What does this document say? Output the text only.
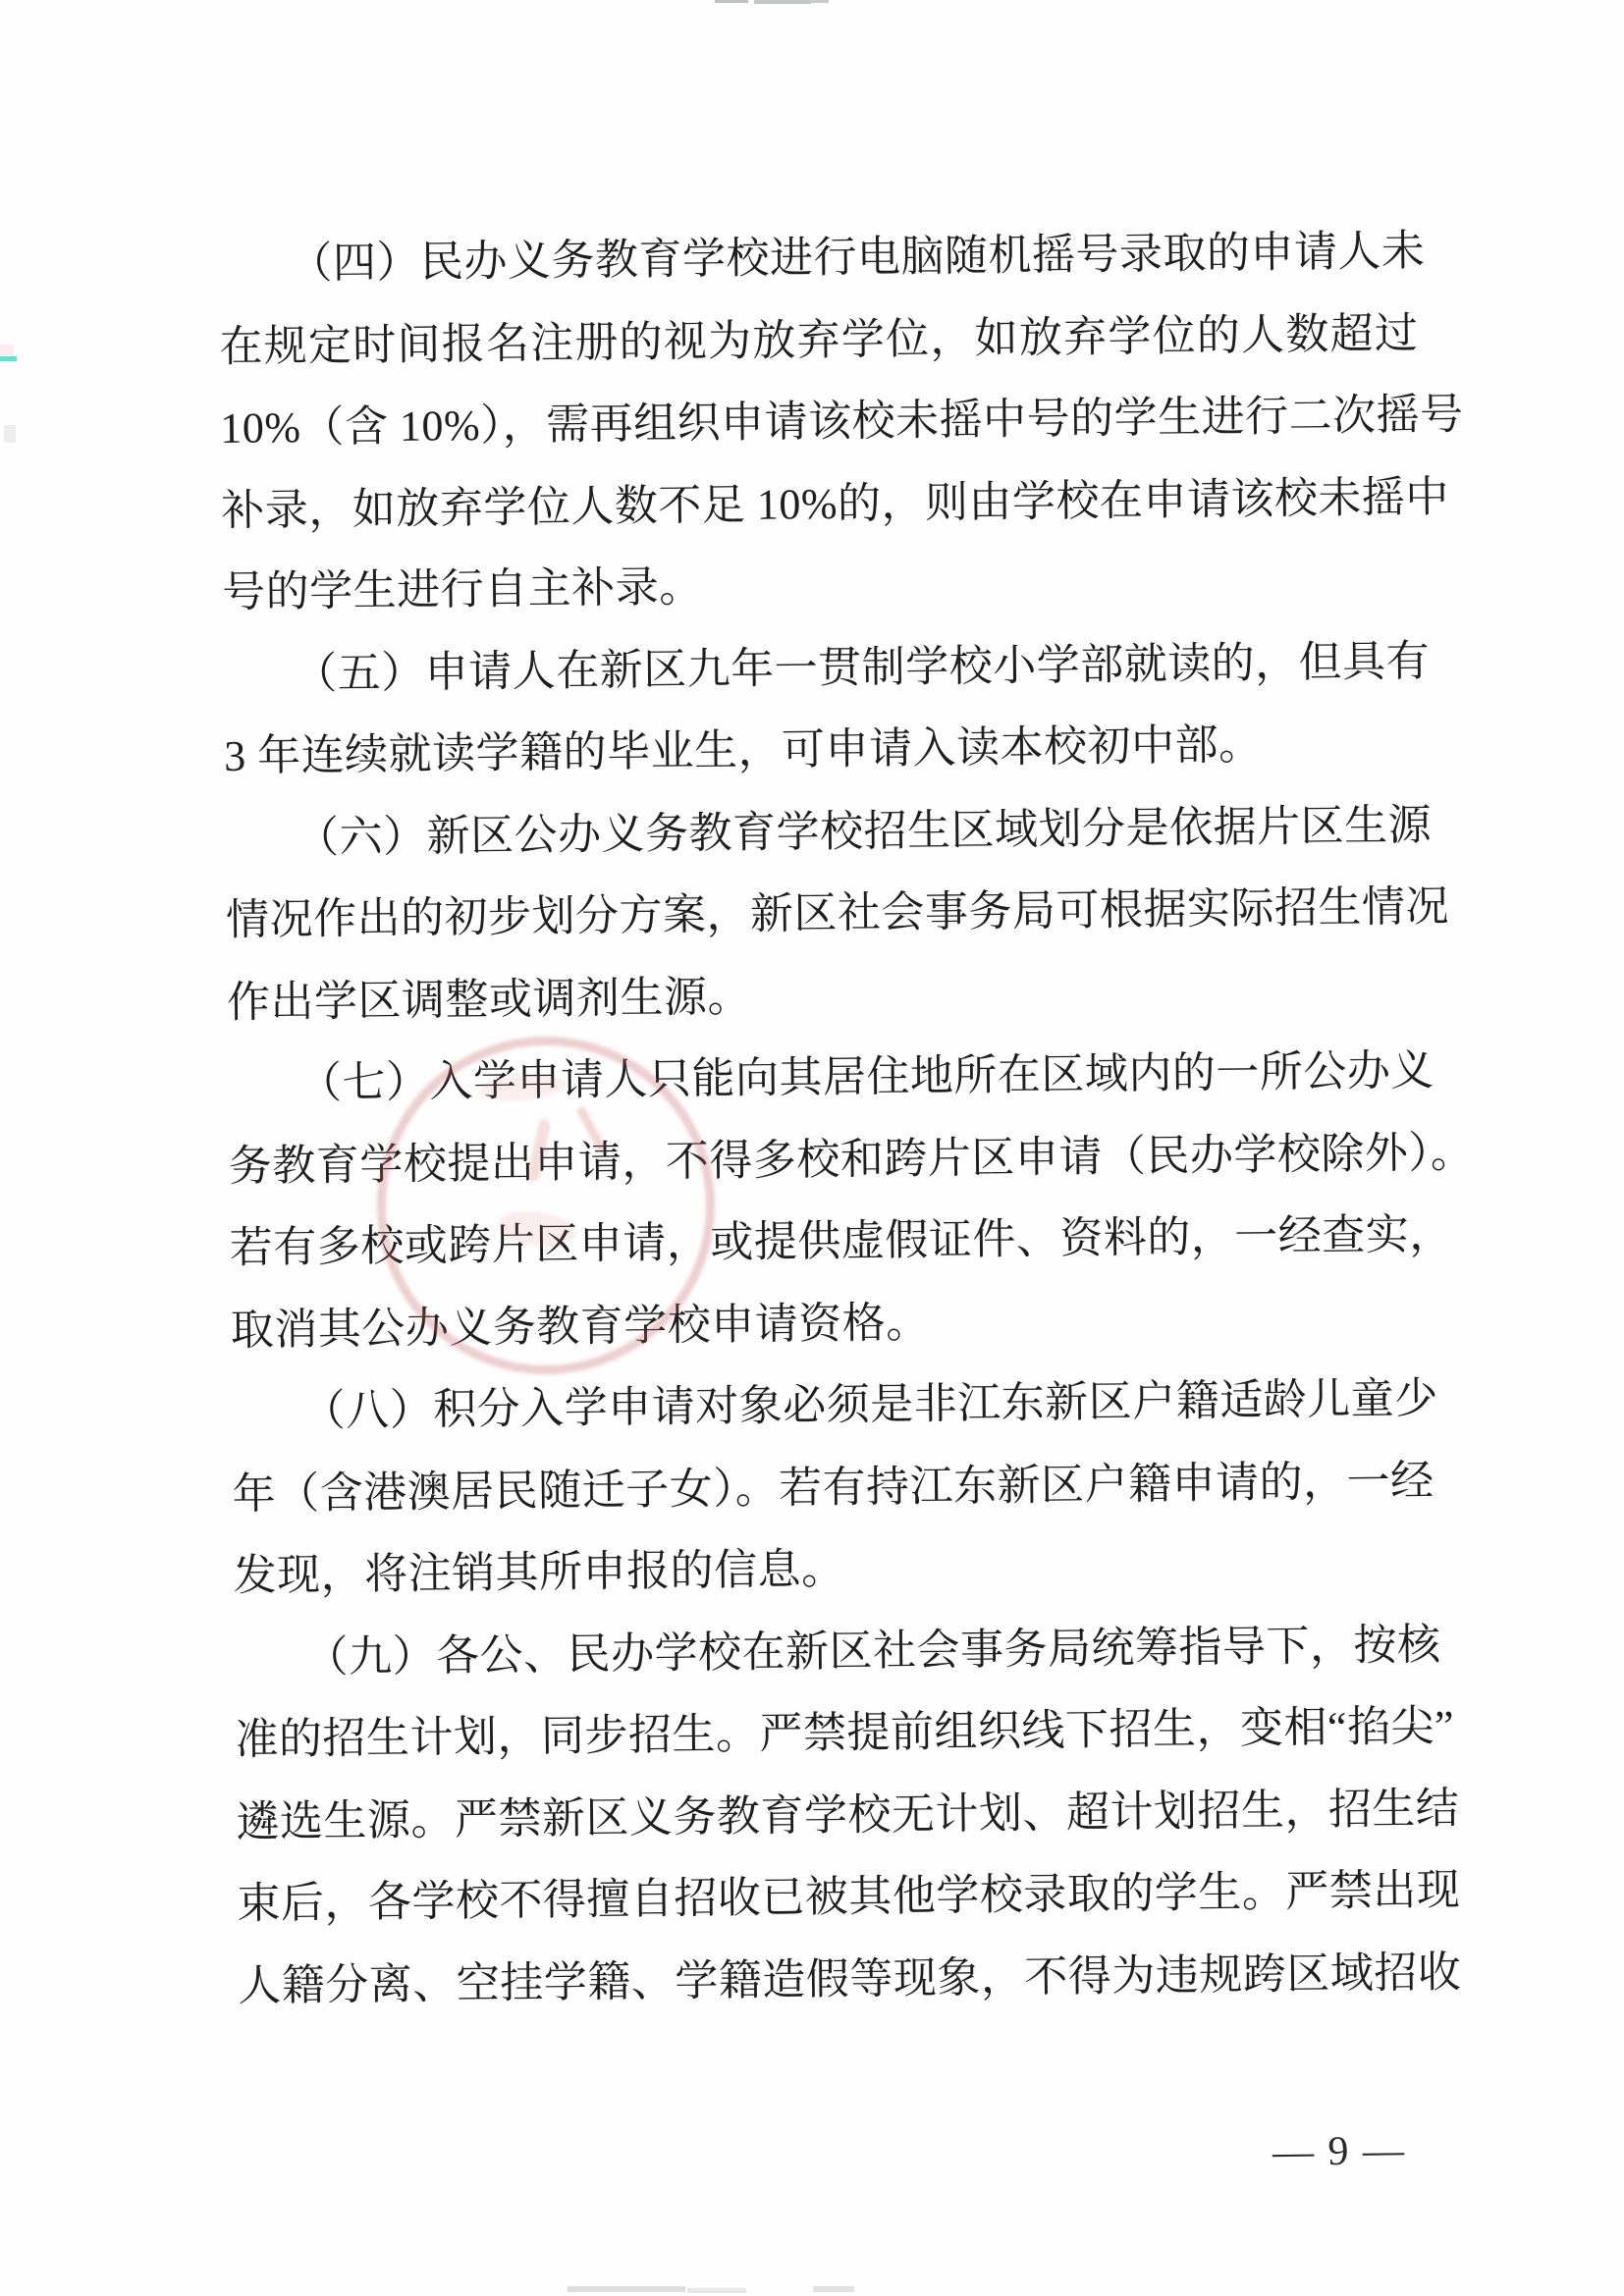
（四）民办义务教育学校进行电脑随机摇号录取的申请人未

在规定时间报名注册的视为放弃学位，如放弃学位的人数超过

10%（含 10%），需再组织申请该校未摇中号的学生进行二次摇号

补录，如放弃学位人数不足 10%的，则由学校在申请该校未摇中

号的学生进行自主补录。

（五）申请人在新区九年一贯制学校小学部就读的，但具有

3 年连续就读学籍的毕业生，可申请入读本校初中部。

（六）新区公办义务教育学校招生区域划分是依据片区生源

情况作出的初步划分方案，新区社会事务局可根据实际招生情况

作出学区调整或调剂生源。

（七）入学申请人只能向其居住地所在区域内的一所公办义

务教育学校提出申请，不得多校和跨片区申请（民办学校除外）。

若有多校或跨片区申请，或提供虚假证件、资料的，一经查实，

取消其公办义务教育学校申请资格。

（八）积分入学申请对象必须是非江东新区户籍适龄儿童少

年（含港澳居民随迁子女）。若有持江东新区户籍申请的，一经

发现，将注销其所申报的信息。

（九）各公、民办学校在新区社会事务局统筹指导下，按核

准的招生计划，同步招生。严禁提前组织线下招生，变相“掐尖”

遴选生源。严禁新区义务教育学校无计划、超计划招生，招生结

束后，各学校不得擅自招收已被其他学校录取的学生。严禁出现

人籍分离、空挂学籍、学籍造假等现象，不得为违规跨区域招收

— 9 —
